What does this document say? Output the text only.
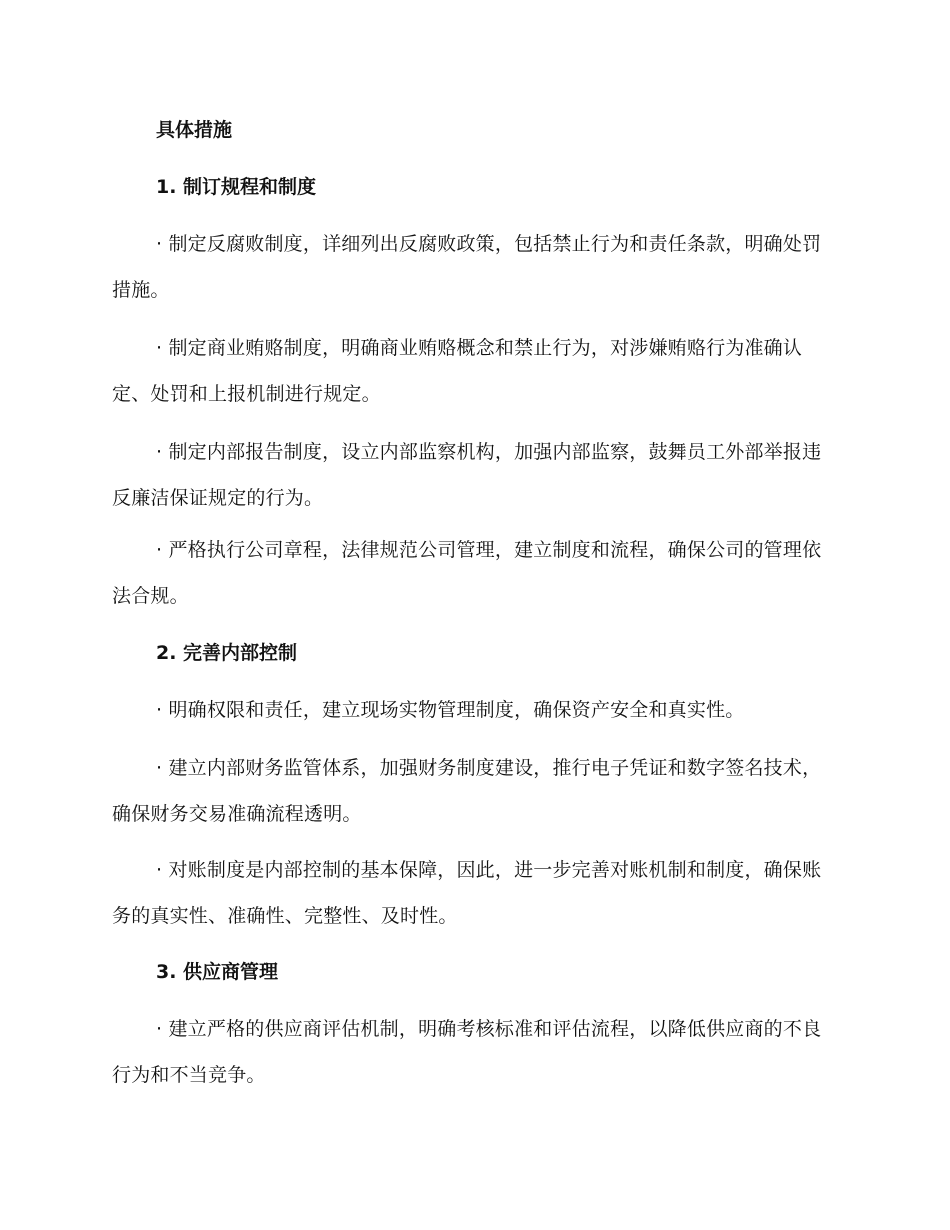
具体措施
1. 制订规程和制度

· 制定反腐败制度，详细列出反腐败政策，包括禁止行为和责任条款，明确处罚措施。

· 制定商业贿赂制度，明确商业贿赂概念和禁止行为，对涉嫌贿赂行为准确认定、处罚和上报机制进行规定。

· 制定内部报告制度，设立内部监察机构，加强内部监察，鼓舞员工外部举报违反廉洁保证规定的行为。

· 严格执行公司章程，法律规范公司管理，建立制度和流程，确保公司的管理依法合规。

2. 完善内部控制

· 明确权限和责任，建立现场实物管理制度，确保资产安全和真实性。

· 建立内部财务监管体系，加强财务制度建设，推行电子凭证和数字签名技术，确保财务交易准确流程透明。

· 对账制度是内部控制的基本保障，因此，进一步完善对账机制和制度，确保账务的真实性、准确性、完整性、及时性。

3. 供应商管理

· 建立严格的供应商评估机制，明确考核标准和评估流程，以降低供应商的不良行为和不当竞争。
